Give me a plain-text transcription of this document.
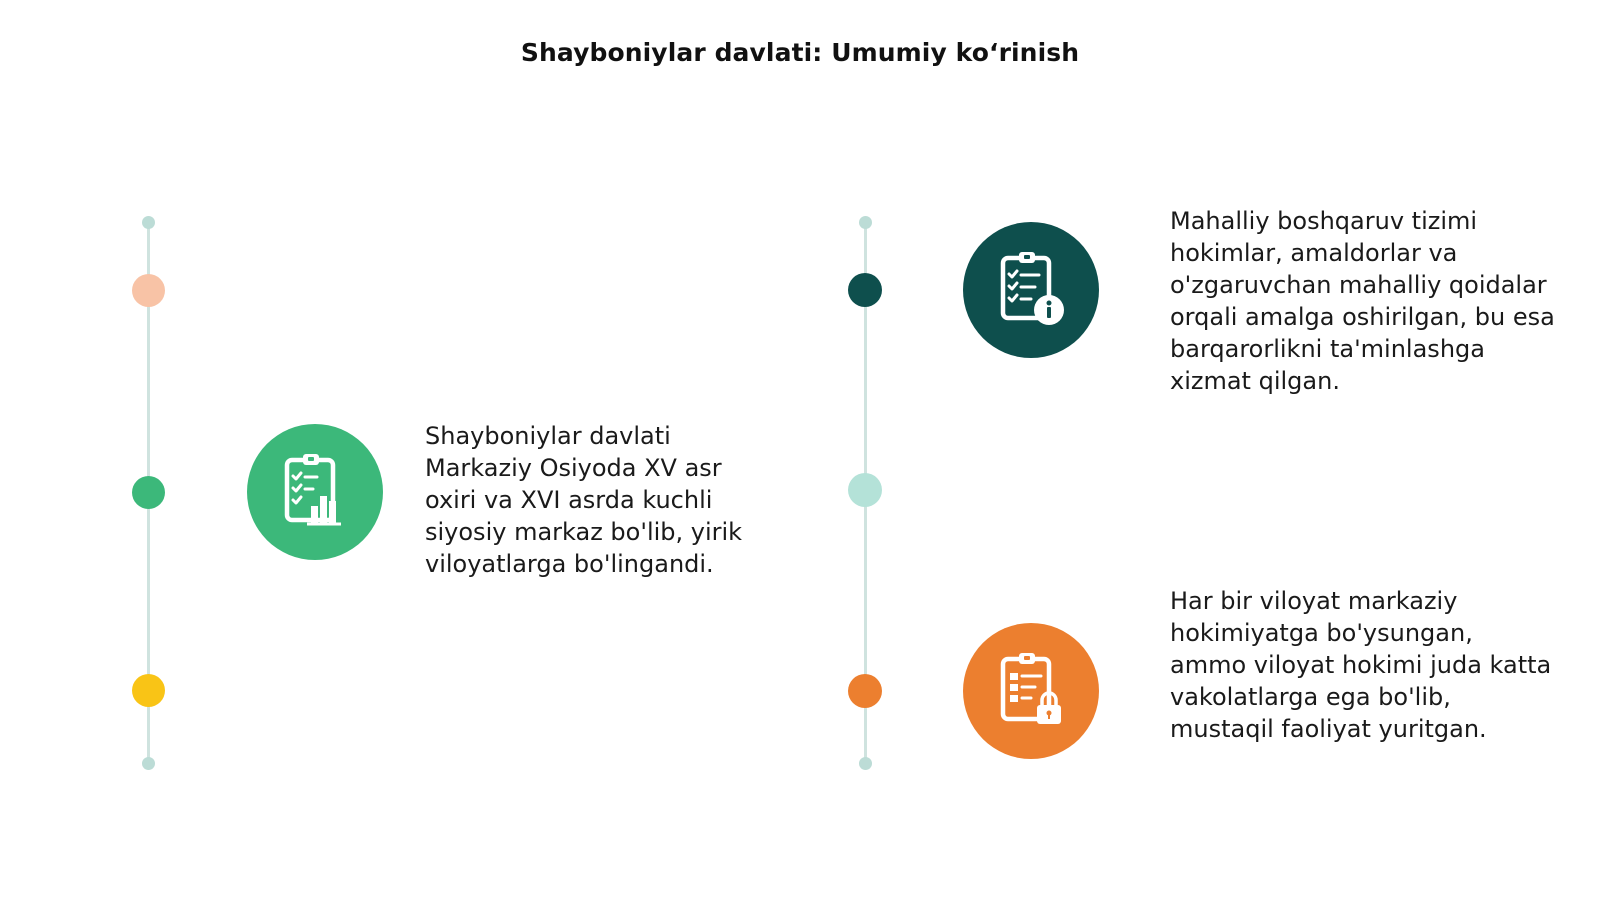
Shayboniylar davlati: Umumiy ko‘rinish
Shayboniylar davlati Markaziy Osiyoda XV asr oxiri va XVI asrda kuchli siyosiy markaz bo'lib, yirik viloyatlarga bo'lingandi.
Mahalliy boshqaruv tizimi hokimlar, amaldorlar va o'zgaruvchan mahalliy qoidalar orqali amalga oshirilgan, bu esa barqarorlikni ta'minlashga xizmat qilgan.
Har bir viloyat markaziy hokimiyatga bo'ysungan, ammo viloyat hokimi juda katta vakolatlarga ega bo'lib, mustaqil faoliyat yuritgan.
